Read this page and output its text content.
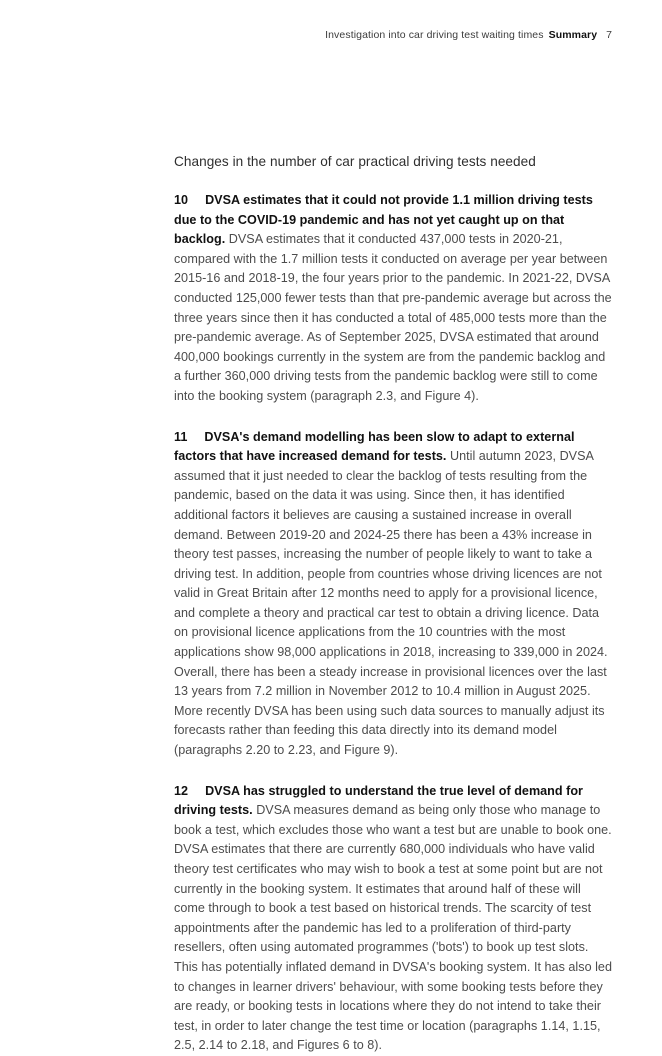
Investigation into car driving test waiting times Summary 7
Changes in the number of car practical driving tests needed

10 DVSA estimates that it could not provide 1.1 million driving tests due to the COVID-19 pandemic and has not yet caught up on that backlog. DVSA estimates that it conducted 437,000 tests in 2020-21, compared with the 1.7 million tests it conducted on average per year between 2015-16 and 2018-19, the four years prior to the pandemic. In 2021-22, DVSA conducted 125,000 fewer tests than that pre-pandemic average but across the three years since then it has conducted a total of 485,000 tests more than the pre-pandemic average. As of September 2025, DVSA estimated that around 400,000 bookings currently in the system are from the pandemic backlog and a further 360,000 driving tests from the pandemic backlog were still to come into the booking system (paragraph 2.3, and Figure 4).

11 DVSA's demand modelling has been slow to adapt to external factors that have increased demand for tests. Until autumn 2023, DVSA assumed that it just needed to clear the backlog of tests resulting from the pandemic, based on the data it was using. Since then, it has identified additional factors it believes are causing a sustained increase in overall demand. Between 2019-20 and 2024-25 there has been a 43% increase in theory test passes, increasing the number of people likely to want to take a driving test. In addition, people from countries whose driving licences are not valid in Great Britain after 12 months need to apply for a provisional licence, and complete a theory and practical car test to obtain a driving licence. Data on provisional licence applications from the 10 countries with the most applications show 98,000 applications in 2018, increasing to 339,000 in 2024. Overall, there has been a steady increase in provisional licences over the last 13 years from 7.2 million in November 2012 to 10.4 million in August 2025. More recently DVSA has been using such data sources to manually adjust its forecasts rather than feeding this data directly into its demand model (paragraphs 2.20 to 2.23, and Figure 9).

12 DVSA has struggled to understand the true level of demand for driving tests. DVSA measures demand as being only those who manage to book a test, which excludes those who want a test but are unable to book one. DVSA estimates that there are currently 680,000 individuals who have valid theory test certificates who may wish to book a test at some point but are not currently in the booking system. It estimates that around half of these will come through to book a test based on historical trends. The scarcity of test appointments after the pandemic has led to a proliferation of third-party resellers, often using automated programmes ('bots') to book up test slots. This has potentially inflated demand in DVSA's booking system. It has also led to changes in learner drivers' behaviour, with some booking tests before they are ready, or booking tests in locations where they do not intend to take their test, in order to later change the test time or location (paragraphs 1.14, 1.15, 2.5, 2.14 to 2.18, and Figures 6 to 8).
